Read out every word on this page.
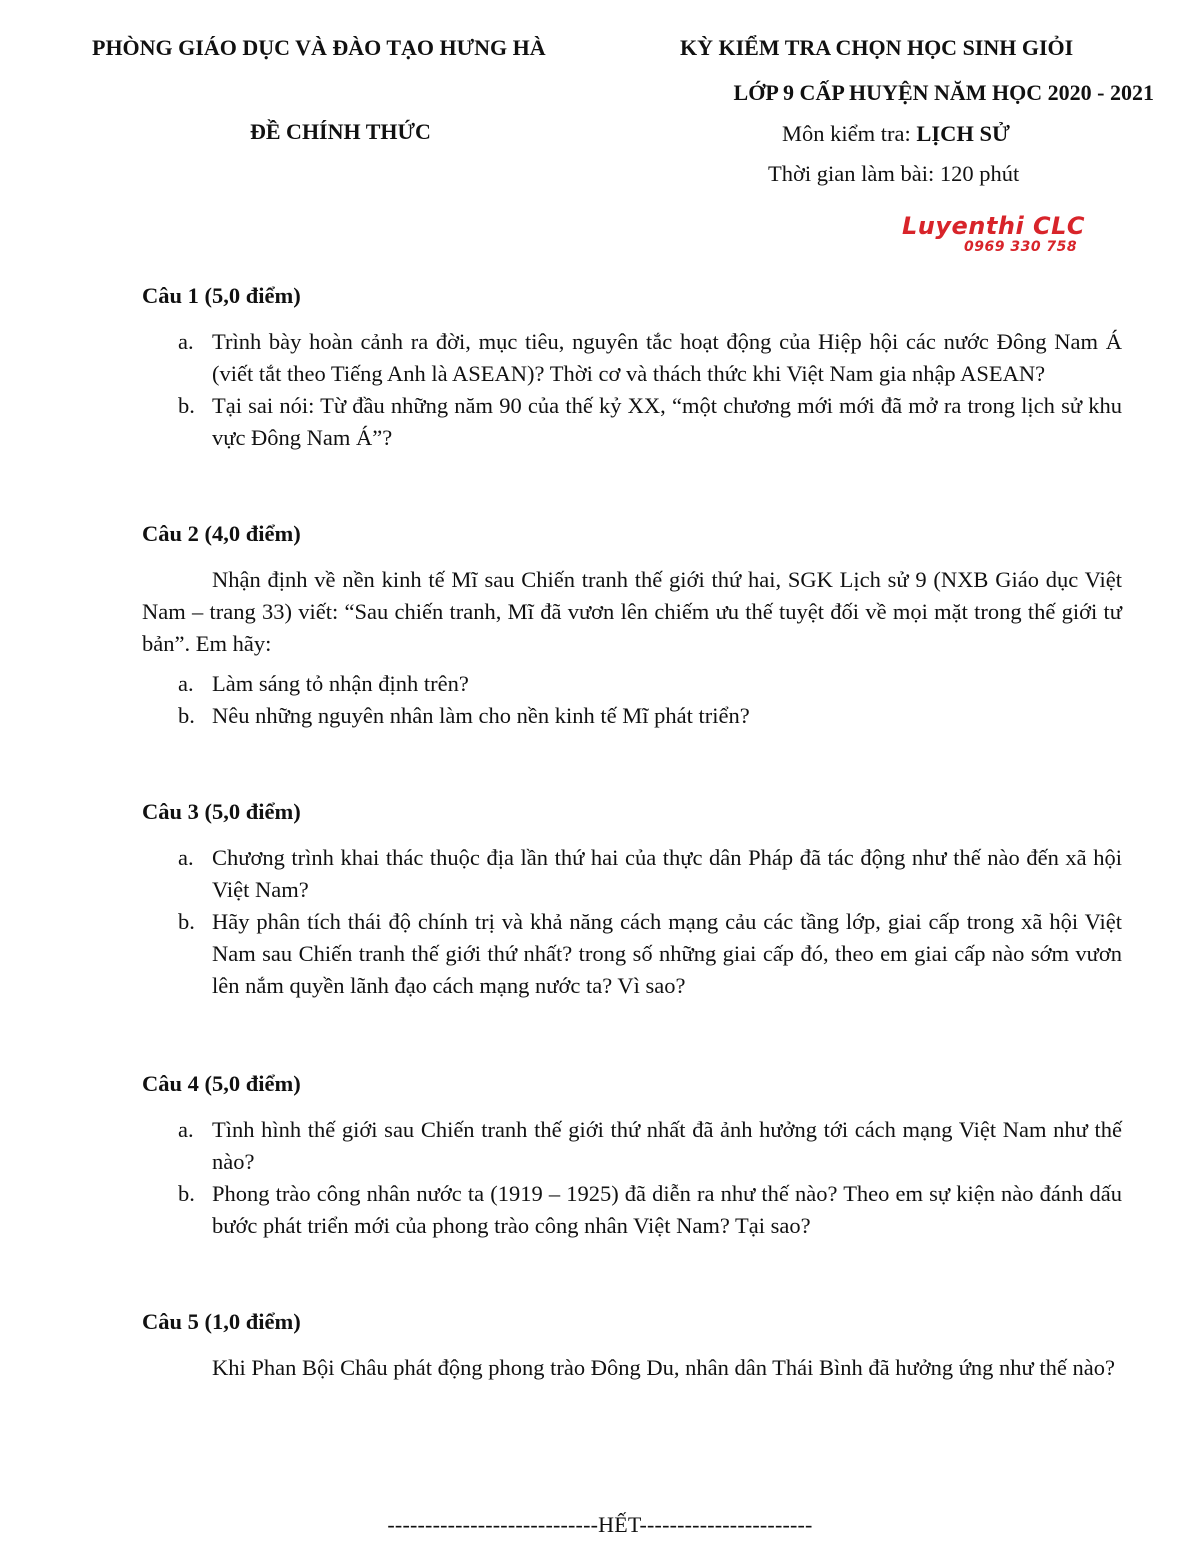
PHÒNG GIÁO DỤC VÀ ĐÀO TẠO HƯNG HÀ
ĐỀ CHÍNH THỨC
KỲ KIỂM TRA CHỌN HỌC SINH GIỎI
LỚP 9 CẤP HUYỆN NĂM HỌC 2020 - 2021
Môn kiểm tra: LỊCH SỬ
Thời gian làm bài: 120 phút
Luyenthi CLC
0969 330 758

Câu 1 (5,0 điểm)

a. Trình bày hoàn cảnh ra đời, mục tiêu, nguyên tắc hoạt động của Hiệp hội các nước Đông Nam Á (viết tắt theo Tiếng Anh là ASEAN)? Thời cơ và thách thức khi Việt Nam gia nhập ASEAN?
b. Tại sai nói: Từ đầu những năm 90 của thế kỷ XX, “một chương mới mới đã mở ra trong lịch sử khu vực Đông Nam Á”?

Câu 2 (4,0 điểm)

Nhận định về nền kinh tế Mĩ sau Chiến tranh thế giới thứ hai, SGK Lịch sử 9 (NXB Giáo dục Việt Nam – trang 33) viết: “Sau chiến tranh, Mĩ đã vươn lên chiếm ưu thế tuyệt đối về mọi mặt trong thế giới tư bản”. Em hãy:

a. Làm sáng tỏ nhận định trên?
b. Nêu những nguyên nhân làm cho nền kinh tế Mĩ phát triển?

Câu 3 (5,0 điểm)

a. Chương trình khai thác thuộc địa lần thứ hai của thực dân Pháp đã tác động như thế nào đến xã hội Việt Nam?
b. Hãy phân tích thái độ chính trị và khả năng cách mạng cảu các tầng lớp, giai cấp trong xã hội Việt Nam sau Chiến tranh thế giới thứ nhất? trong số những giai cấp đó, theo em giai cấp nào sớm vươn lên nắm quyền lãnh đạo cách mạng nước ta? Vì sao?

Câu 4 (5,0 điểm)

a. Tình hình thế giới sau Chiến tranh thế giới thứ nhất đã ảnh hưởng tới cách mạng Việt Nam như thế nào?
b. Phong trào công nhân nước ta (1919 – 1925) đã diễn ra như thế nào? Theo em sự kiện nào đánh dấu bước phát triển mới của phong trào công nhân Việt Nam? Tại sao?

Câu 5 (1,0 điểm)

Khi Phan Bội Châu phát động phong trào Đông Du, nhân dân Thái Bình đã hưởng ứng như thế nào?

----------------------------HẾT-----------------------
